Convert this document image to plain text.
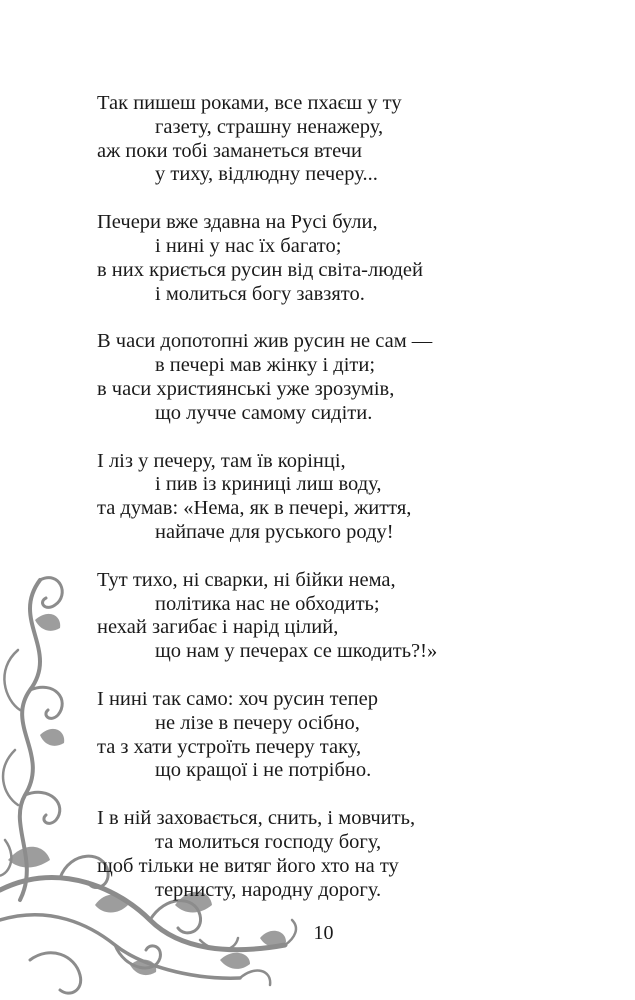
Так пишеш роками, все пхаєш у ту
газету, страшну ненажеру,
аж поки тобі заманеться втечи
у тиху, відлюдну печеру...
Печери вже здавна на Русі були,
і нині у нас їх багато;
в них криється русин від світа-людей
і молиться богу завзято.
В часи допотопні жив русин не сам —
в печері мав жінку і діти;
в часи християнські уже зрозумів,
що лучче самому сидіти.
І ліз у печеру, там їв корінці,
і пив із криниці лиш воду,
та думав: «Нема, як в печері, життя,
найпаче для руського роду!
Тут тихо, ні сварки, ні бійки нема,
політика нас не обходить;
нехай загибає і нарід цілий,
що нам у печерах се шкодить?!»
І нині так само: хоч русин тепер
не лізе в печеру осібно,
та з хати устроїть печеру таку,
що кращої і не потрібно.
І в ній заховається, снить, і мовчить,
та молиться господу богу,
щоб тільки не витяг його хто на ту
тернисту, народну дорогу.
10
